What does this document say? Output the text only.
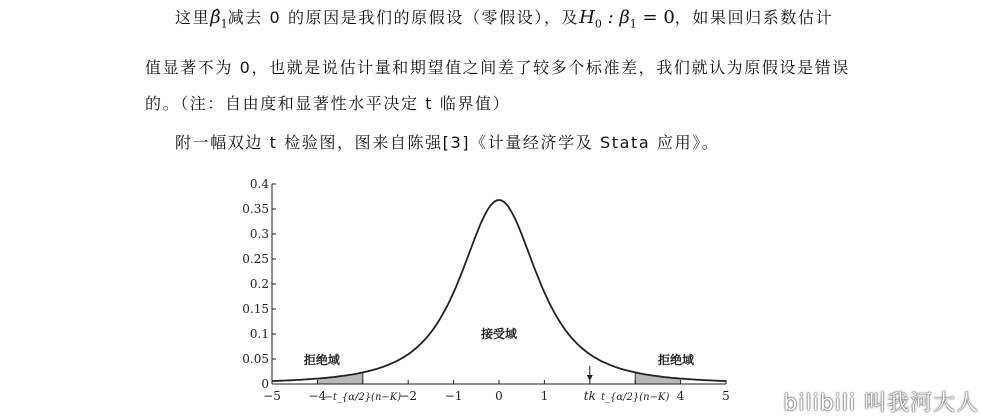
这里$\betâ_1$减去 0 的原因是我们的原假设（零假设），及$H_0$ : $\beta_1 = 0$，如果回归系数估计
值显著不为 0，也就是说估计量和期望值之间差了较多个标准差，我们就认为原假设是错误
的。（注：自由度和显著性水平决定 t 临界值）
附一幅双边 t 检验图，图来自陈强[3]《计量经济学及 Stata 应用》。
0
0.05
0.1
0.15
0.2
0.25
0.3
0.35
0.4
−5 −4
−t_{α/2}(n−K)
−2 −1	0	1	tk t_{α/2}(n−K) 4	5
接受域
拒绝域	拒绝域
bilibili 叫我河大人
